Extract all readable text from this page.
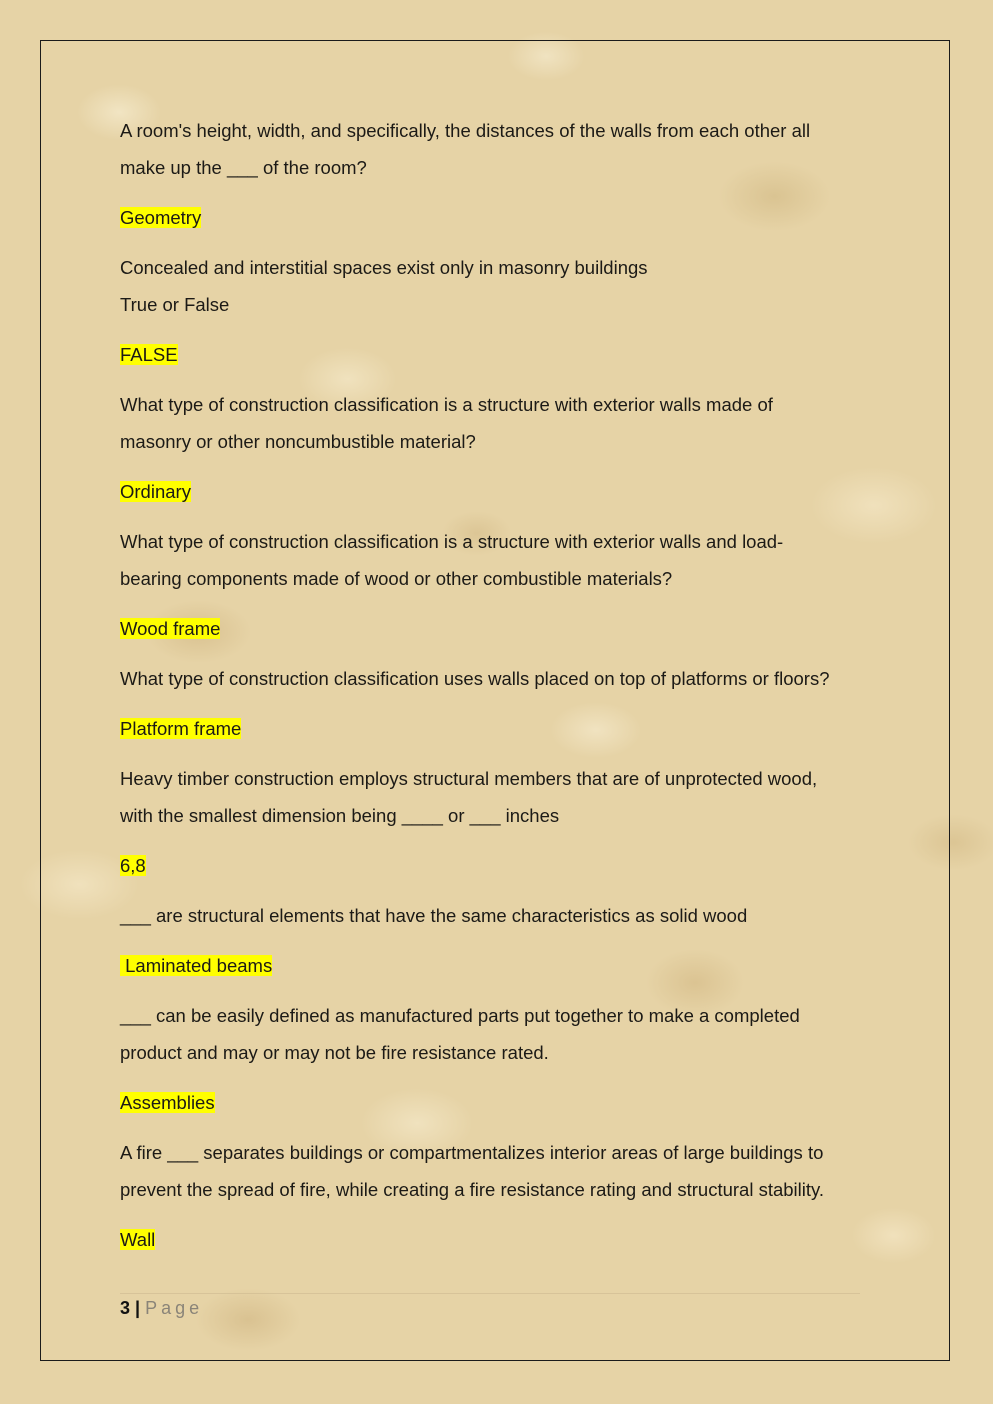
A room's height, width, and specifically, the distances of the walls from each other all
make up the ___ of the room?
Geometry
Concealed and interstitial spaces exist only in masonry buildings
True or False
FALSE
What type of construction classification is a structure with exterior walls made of
masonry or other noncumbustible material?
Ordinary
What type of construction classification is a structure with exterior walls and load-
bearing components made of wood or other combustible materials?
Wood frame
What type of construction classification uses walls placed on top of platforms or floors?
Platform frame
Heavy timber construction employs structural members that are of unprotected wood,
with the smallest dimension being ____ or ___ inches
6,8
___ are structural elements that have the same characteristics as solid wood
Laminated beams
___ can be easily defined as manufactured parts put together to make a completed
product and may or may not be fire resistance rated.
Assemblies
A fire ___ separates buildings or compartmentalizes interior areas of large buildings to
prevent the spread of fire, while creating a fire resistance rating and structural stability.
Wall
3 | Page
